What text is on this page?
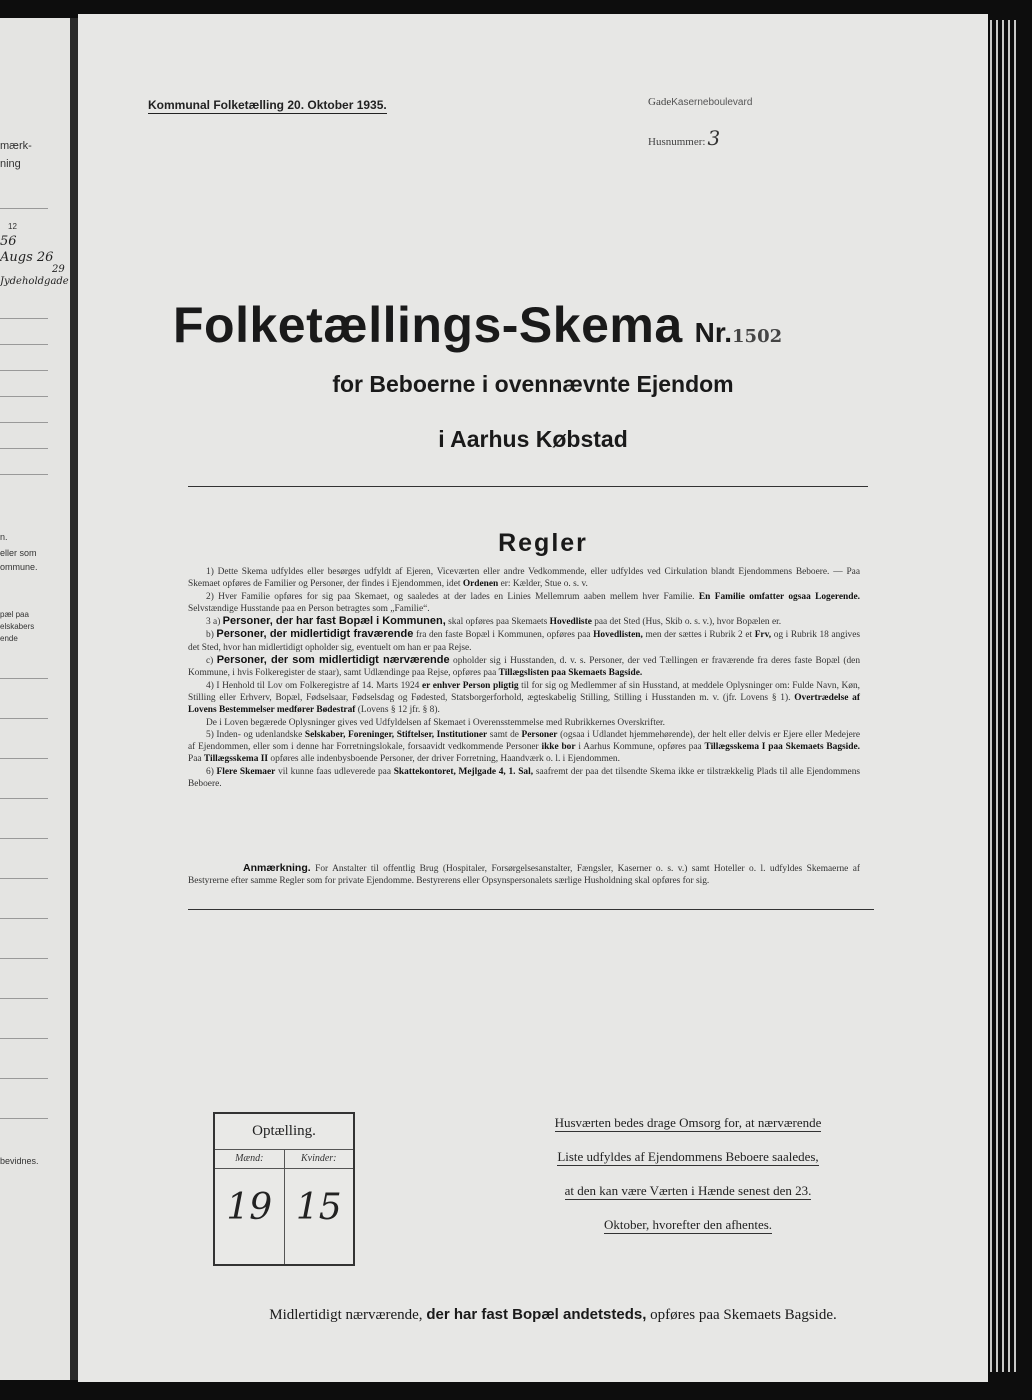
mærk-
ning
12
56
Augs 26
29
Jydeholdgade
n.
eller som
ommune.
pæl paa
elskabers
ende
bevidnes.
Kommunal Folketælling 20. Oktober 1935.	GadeKaserneboulevard
Husnummer: 3
Folketællings-Skema Nr.1502
for Beboerne i ovennævnte Ejendom
i Aarhus Købstad
Regler

1) Dette Skema udfyldes eller besørges udfyldt af Ejeren, Viceværten eller andre Vedkommende, eller udfyldes ved Cirkulation blandt Ejendommens Beboere. — Paa Skemaet opføres de Familier og Personer, der findes i Ejendommen, idet Ordenen er: Kælder, Stue o. s. v.

2) Hver Familie opføres for sig paa Skemaet, og saaledes at der lades en Linies Mellemrum aaben mellem hver Familie. En Familie omfatter ogsaa Logerende. Selvstændige Husstande paa en Person betragtes som „Familie“.

3 a) Personer, der har fast Bopæl i Kommunen, skal opføres paa Skemaets Hovedliste paa det Sted (Hus, Skib o. s. v.), hvor Bopælen er.

b) Personer, der midlertidigt fraværende fra den faste Bopæl i Kommunen, opføres paa Hovedlisten, men der sættes i Rubrik 2 et Frv, og i Rubrik 18 angives det Sted, hvor han midlertidigt opholder sig, eventuelt om han er paa Rejse.

c) Personer, der som midlertidigt nærværende opholder sig i Husstanden, d. v. s. Personer, der ved Tællingen er fraværende fra deres faste Bopæl (den Kommune, i hvis Folkeregister de staar), samt Udlændinge paa Rejse, opføres paa Tillægslisten paa Skemaets Bagside.

4) I Henhold til Lov om Folkeregistre af 14. Marts 1924 er enhver Person pligtig til for sig og Medlemmer af sin Husstand, at meddele Oplysninger om: Fulde Navn, Køn, Stilling eller Erhverv, Bopæl, Fødselsaar, Fødselsdag og Fødested, Statsborgerforhold, ægteskabelig Stilling, Stilling i Husstanden m. v. (jfr. Lovens § 1). Overtrædelse af Lovens Bestemmelser medfører Bødestraf (Lovens § 12 jfr. § 8).

De i Loven begærede Oplysninger gives ved Udfyldelsen af Skemaet i Overensstemmelse med Rubrikkernes Overskrifter.

5) Inden- og udenlandske Selskaber, Foreninger, Stiftelser, Institutioner samt de Personer (ogsaa i Udlandet hjemmehørende), der helt eller delvis er Ejere eller Medejere af Ejendommen, eller som i denne har Forretningslokale, forsaavidt vedkommende Personer ikke bor i Aarhus Kommune, opføres paa Tillægsskema I paa Skemaets Bagside. Paa Tillægsskema II opføres alle indenbysboende Personer, der driver Forretning, Haandværk o. l. i Ejendommen.

6) Flere Skemaer vil kunne faas udleverede paa Skattekontoret, Mejlgade 4, 1. Sal, saafremt der paa det tilsendte Skema ikke er tilstrækkelig Plads til alle Ejendommens Beboere.

Anmærkning. For Anstalter til offentlig Brug (Hospitaler, Forsørgelsesanstalter, Fængsler, Kaserner o. s. v.) samt Hoteller o. l. udfyldes Skemaerne af Bestyrerne efter samme Regler som for private Ejendomme. Bestyrerens eller Opsynspersonalets særlige Husholdning skal opføres for sig.
Optælling.
Mænd:
19
Kvinder:
15
Husværten bedes drage Omsorg for, at nærværende
Liste udfyldes af Ejendommens Beboere saaledes,
at den kan være Værten i Hænde senest den 23.
Oktober, hvorefter den afhentes.
Midlertidigt nærværende, der har fast Bopæl andetsteds, opføres paa Skemaets Bagside.
